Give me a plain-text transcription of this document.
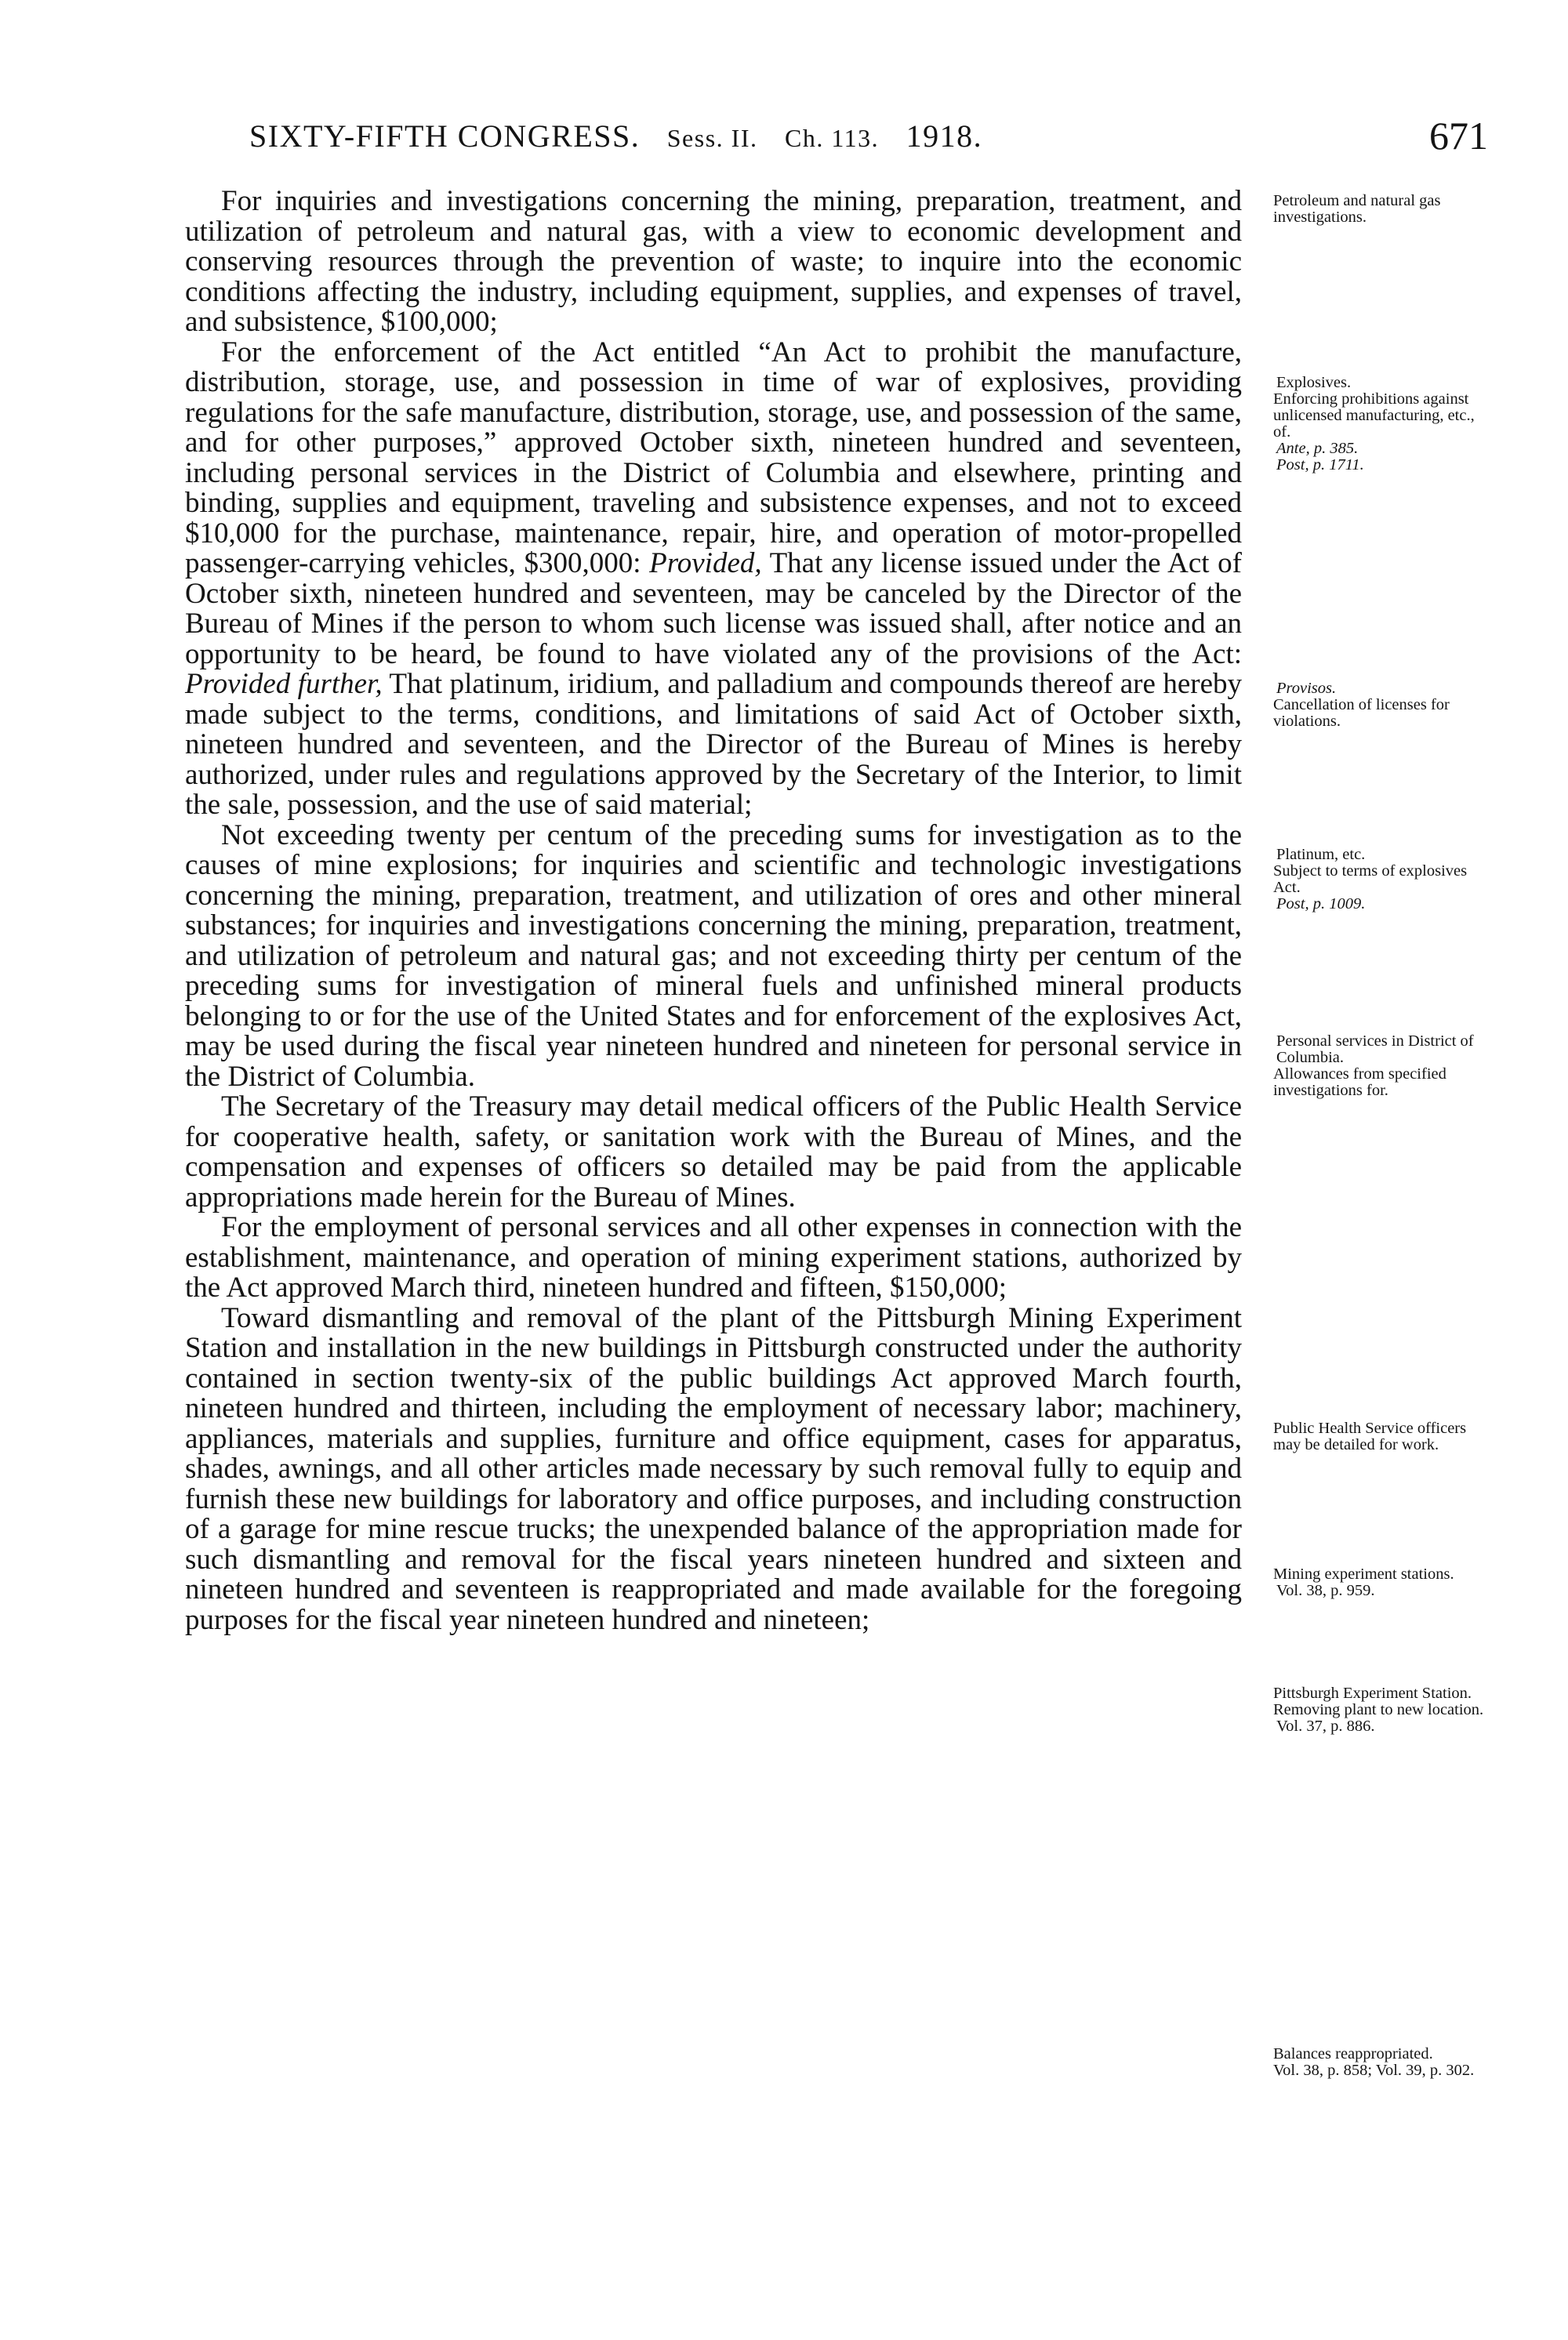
SIXTY-FIFTH CONGRESS. Sess. II. Ch. 113. 1918.	671

For inquiries and investigations concerning the mining, preparation, treatment, and utilization of petroleum and natural gas, with a view to economic development and conserving resources through the prevention of waste; to inquire into the economic conditions affecting the industry, including equipment, supplies, and expenses of travel, and subsistence, $100,000;

For the enforcement of the Act entitled “An Act to prohibit the manufacture, distribution, storage, use, and possession in time of war of explosives, providing regulations for the safe manufacture, distribution, storage, use, and possession of the same, and for other purposes,” approved October sixth, nineteen hundred and seventeen, including personal services in the District of Columbia and elsewhere, printing and binding, supplies and equipment, traveling and subsistence expenses, and not to exceed $10,000 for the purchase, maintenance, repair, hire, and operation of motor-propelled passenger-carrying vehicles, $300,000: Provided, That any license issued under the Act of October sixth, nineteen hundred and seventeen, may be canceled by the Director of the Bureau of Mines if the person to whom such license was issued shall, after notice and an opportunity to be heard, be found to have violated any of the provisions of the Act: Provided further, That platinum, iridium, and palladium and compounds thereof are hereby made subject to the terms, conditions, and limitations of said Act of October sixth, nineteen hundred and seventeen, and the Director of the Bureau of Mines is hereby authorized, under rules and regulations approved by the Secretary of the Interior, to limit the sale, possession, and the use of said material;

Not exceeding twenty per centum of the preceding sums for investigation as to the causes of mine explosions; for inquiries and scientific and technologic investigations concerning the mining, preparation, treatment, and utilization of ores and other mineral substances; for inquiries and investigations concerning the mining, preparation, treatment, and utilization of petroleum and natural gas; and not exceeding thirty per centum of the preceding sums for investigation of mineral fuels and unfinished mineral products belonging to or for the use of the United States and for enforcement of the explosives Act, may be used during the fiscal year nineteen hundred and nineteen for personal service in the District of Columbia.

The Secretary of the Treasury may detail medical officers of the Public Health Service for cooperative health, safety, or sanitation work with the Bureau of Mines, and the compensation and expenses of officers so detailed may be paid from the applicable appropriations made herein for the Bureau of Mines.

For the employment of personal services and all other expenses in connection with the establishment, maintenance, and operation of mining experiment stations, authorized by the Act approved March third, nineteen hundred and fifteen, $150,000;

Toward dismantling and removal of the plant of the Pittsburgh Mining Experiment Station and installation in the new buildings in Pittsburgh constructed under the authority contained in section twenty-six of the public buildings Act approved March fourth, nineteen hundred and thirteen, including the employment of necessary labor; machinery, appliances, materials and supplies, furniture and office equipment, cases for apparatus, shades, awnings, and all other articles made necessary by such removal fully to equip and furnish these new buildings for laboratory and office purposes, and including construction of a garage for mine rescue trucks; the unexpended balance of the appropriation made for such dismantling and removal for the fiscal years nineteen hundred and sixteen and nineteen hundred and seventeen is reappropriated and made available for the foregoing purposes for the fiscal year nineteen hundred and nineteen;

Petroleum and natural gas investigations.
Explosives.
Enforcing prohibitions against unlicensed manufacturing, etc., of.
Ante, p. 385.
Post, p. 1711.
Provisos.
Cancellation of licenses for violations.
Platinum, etc.
Subject to terms of explosives Act.
Post, p. 1009.
Personal services in District of Columbia.
Allowances from specified investigations for.
Public Health Service officers may be detailed for work.
Mining experiment stations.
Vol. 38, p. 959.
Pittsburgh Experiment Station.
Removing plant to new location.
Vol. 37, p. 886.
Balances reappropriated.
Vol. 38, p. 858; Vol. 39, p. 302.
